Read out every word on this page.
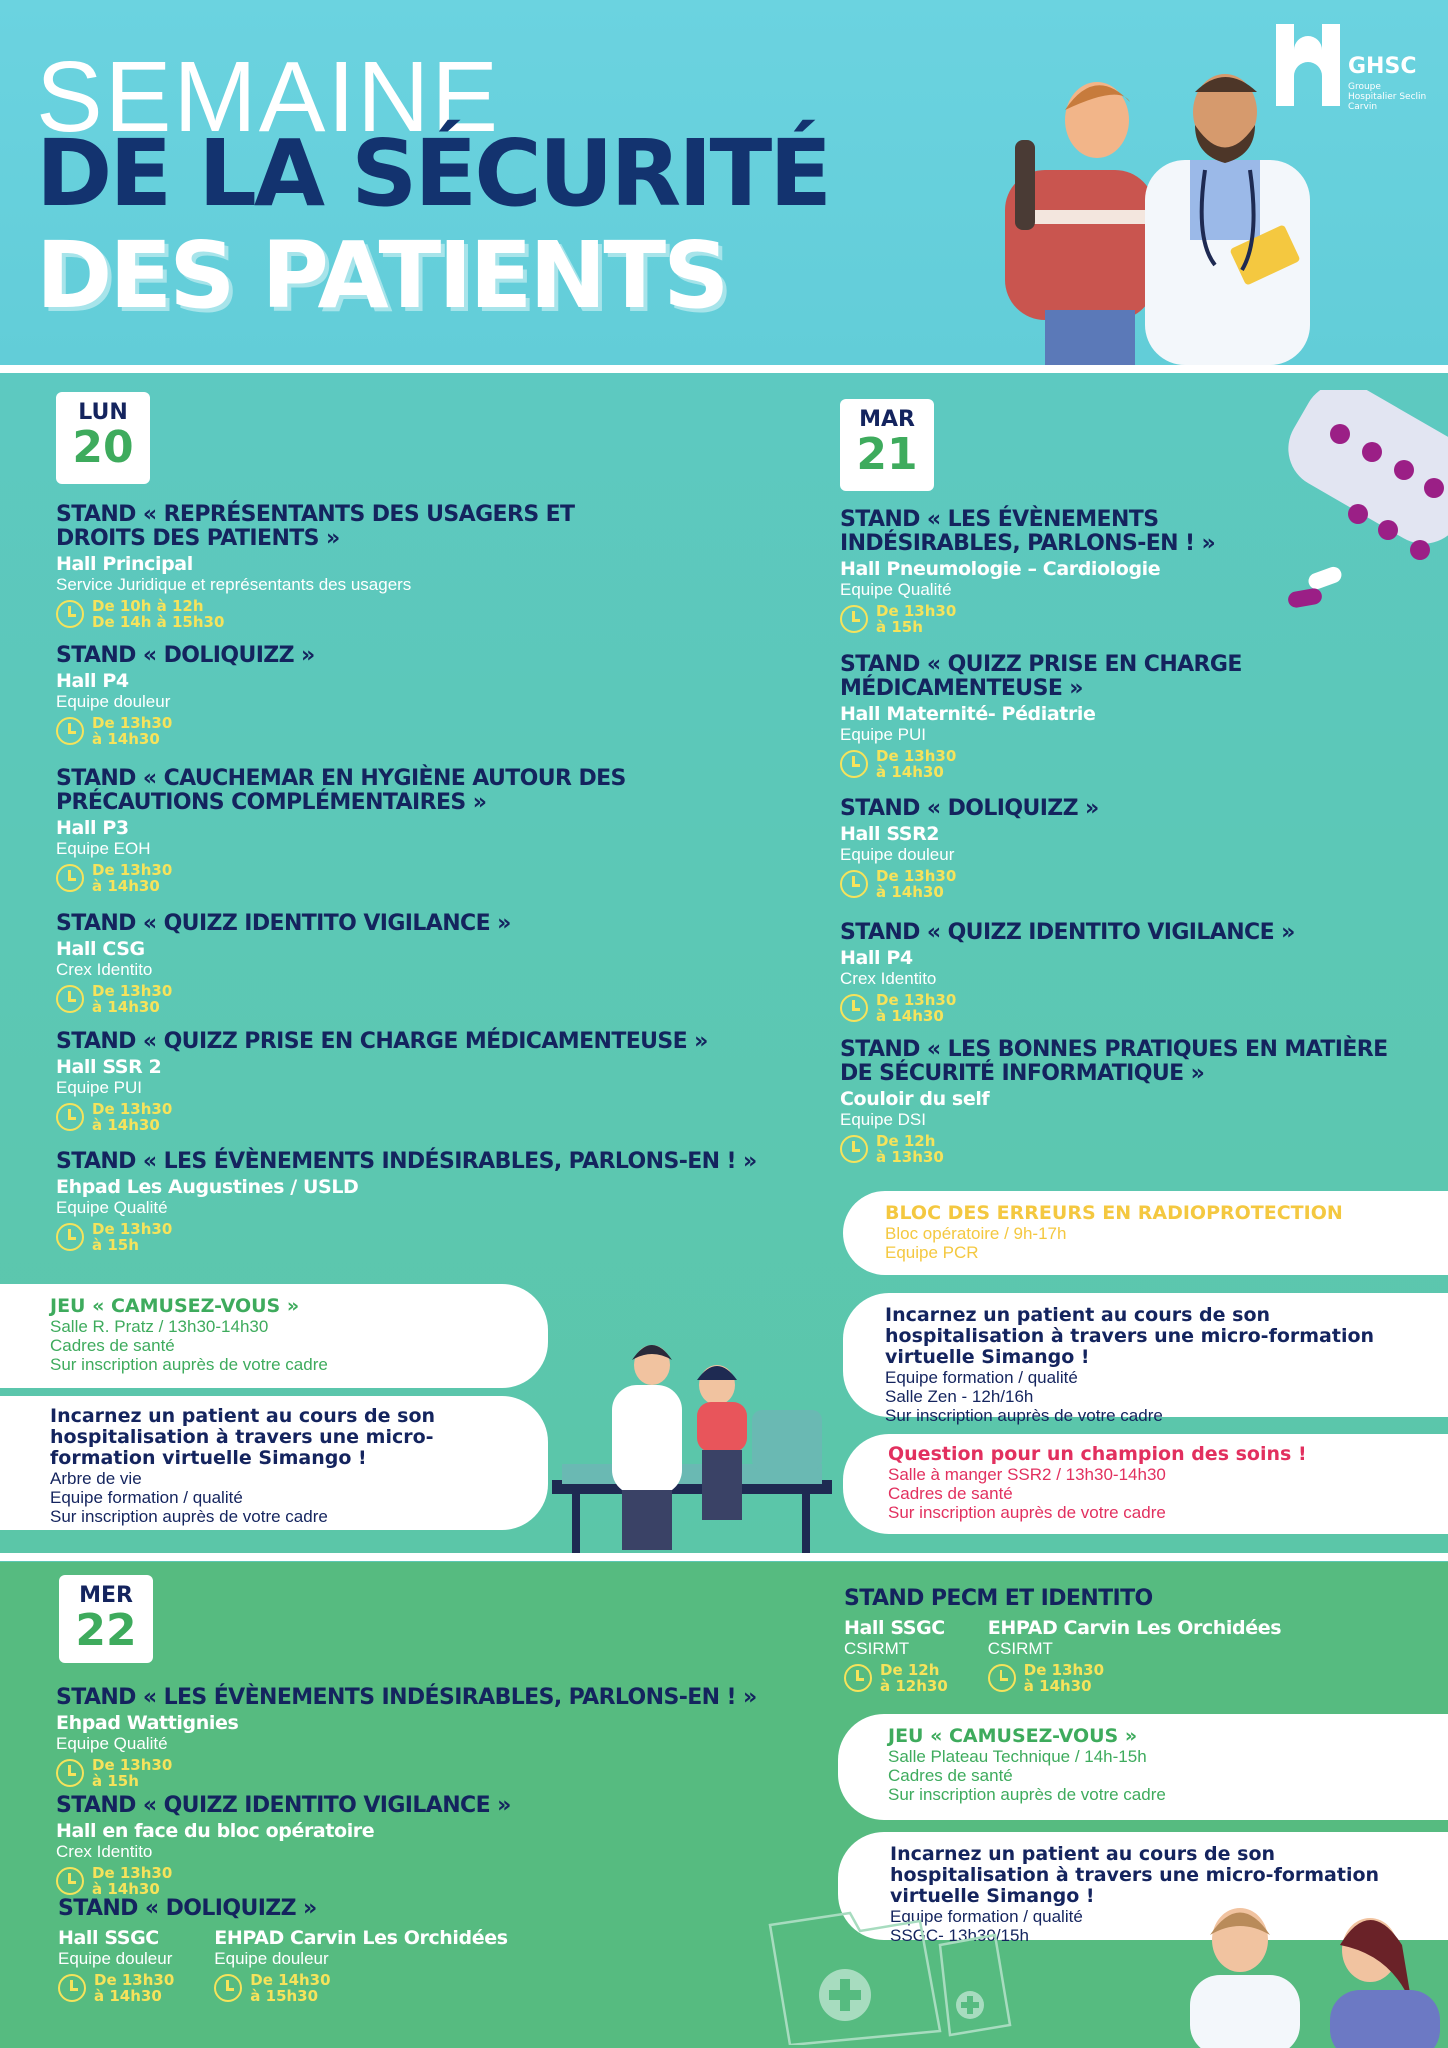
SEMAINE
DE LA SÉCURITÉ
DES PATIENTS
GHSC
Groupe Hospitalier Seclin Carvin
LUN
20
STAND « REPRÉSENTANTS DES USAGERS ET DROITS DES PATIENTS »
Hall Principal
Service Juridique et représentants des usagers
De 10h à 12h
De 14h à 15h30
STAND « DOLIQUIZZ »
Hall P4
Equipe douleur
De 13h30
à 14h30
STAND « CAUCHEMAR EN HYGIÈNE AUTOUR DES PRÉCAUTIONS COMPLÉMENTAIRES »
Hall P3
Equipe EOH
De 13h30
à 14h30
STAND « QUIZZ IDENTITO VIGILANCE »
Hall CSG
Crex Identito
De 13h30
à 14h30
STAND « QUIZZ PRISE EN CHARGE MÉDICAMENTEUSE »
Hall SSR 2
Equipe PUI
De 13h30
à 14h30
STAND « LES ÉVÈNEMENTS INDÉSIRABLES, PARLONS-EN ! »
Ehpad Les Augustines / USLD
Equipe Qualité
De 13h30
à 15h
JEU « CAMUSEZ-VOUS »
Salle R. Pratz / 13h30-14h30
Cadres de santé
Sur inscription auprès de votre cadre
Incarnez un patient au cours de son hospitalisation à travers une micro-formation virtuelle Simango !
Arbre de vie
Equipe formation / qualité
Sur inscription auprès de votre cadre
MAR
21
STAND « LES ÉVÈNEMENTS INDÉSIRABLES, PARLONS-EN ! »
Hall Pneumologie – Cardiologie
Equipe Qualité
De 13h30
à 15h
STAND « QUIZZ PRISE EN CHARGE MÉDICAMENTEUSE »
Hall Maternité- Pédiatrie
Equipe PUI
De 13h30
à 14h30
STAND « DOLIQUIZZ »
Hall SSR2
Equipe douleur
De 13h30
à 14h30
STAND « QUIZZ IDENTITO VIGILANCE »
Hall P4
Crex Identito
De 13h30
à 14h30
STAND « LES BONNES PRATIQUES EN MATIÈRE DE SÉCURITÉ INFORMATIQUE »
Couloir du self
Equipe DSI
De 12h
à 13h30
BLOC DES ERREURS EN RADIOPROTECTION
Bloc opératoire / 9h-17h
Equipe PCR
Incarnez un patient au cours de son hospitalisation à travers une micro-formation virtuelle Simango !
Equipe formation / qualité
Salle Zen - 12h/16h
Sur inscription auprès de votre cadre
Question pour un champion des soins !
Salle à manger SSR2 / 13h30-14h30
Cadres de santé
Sur inscription auprès de votre cadre
MER
22
STAND « LES ÉVÈNEMENTS INDÉSIRABLES, PARLONS-EN ! »
Ehpad Wattignies
Equipe Qualité
De 13h30
à 15h
STAND « QUIZZ IDENTITO VIGILANCE »
Hall en face du bloc opératoire
Crex Identito
De 13h30
à 14h30
STAND « DOLIQUIZZ »
Hall SSGC
Equipe douleur
De 13h30
à 14h30
EHPAD Carvin Les Orchidées
Equipe douleur
De 14h30
à 15h30
STAND PECM ET IDENTITO
Hall SSGC
CSIRMT
De 12h
à 12h30
EHPAD Carvin Les Orchidées
CSIRMT
De 13h30
à 14h30
JEU « CAMUSEZ-VOUS »
Salle Plateau Technique / 14h-15h
Cadres de santé
Sur inscription auprès de votre cadre
Incarnez un patient au cours de son hospitalisation à travers une micro-formation virtuelle Simango !
Equipe formation / qualité
SSGC- 13h30/15h
